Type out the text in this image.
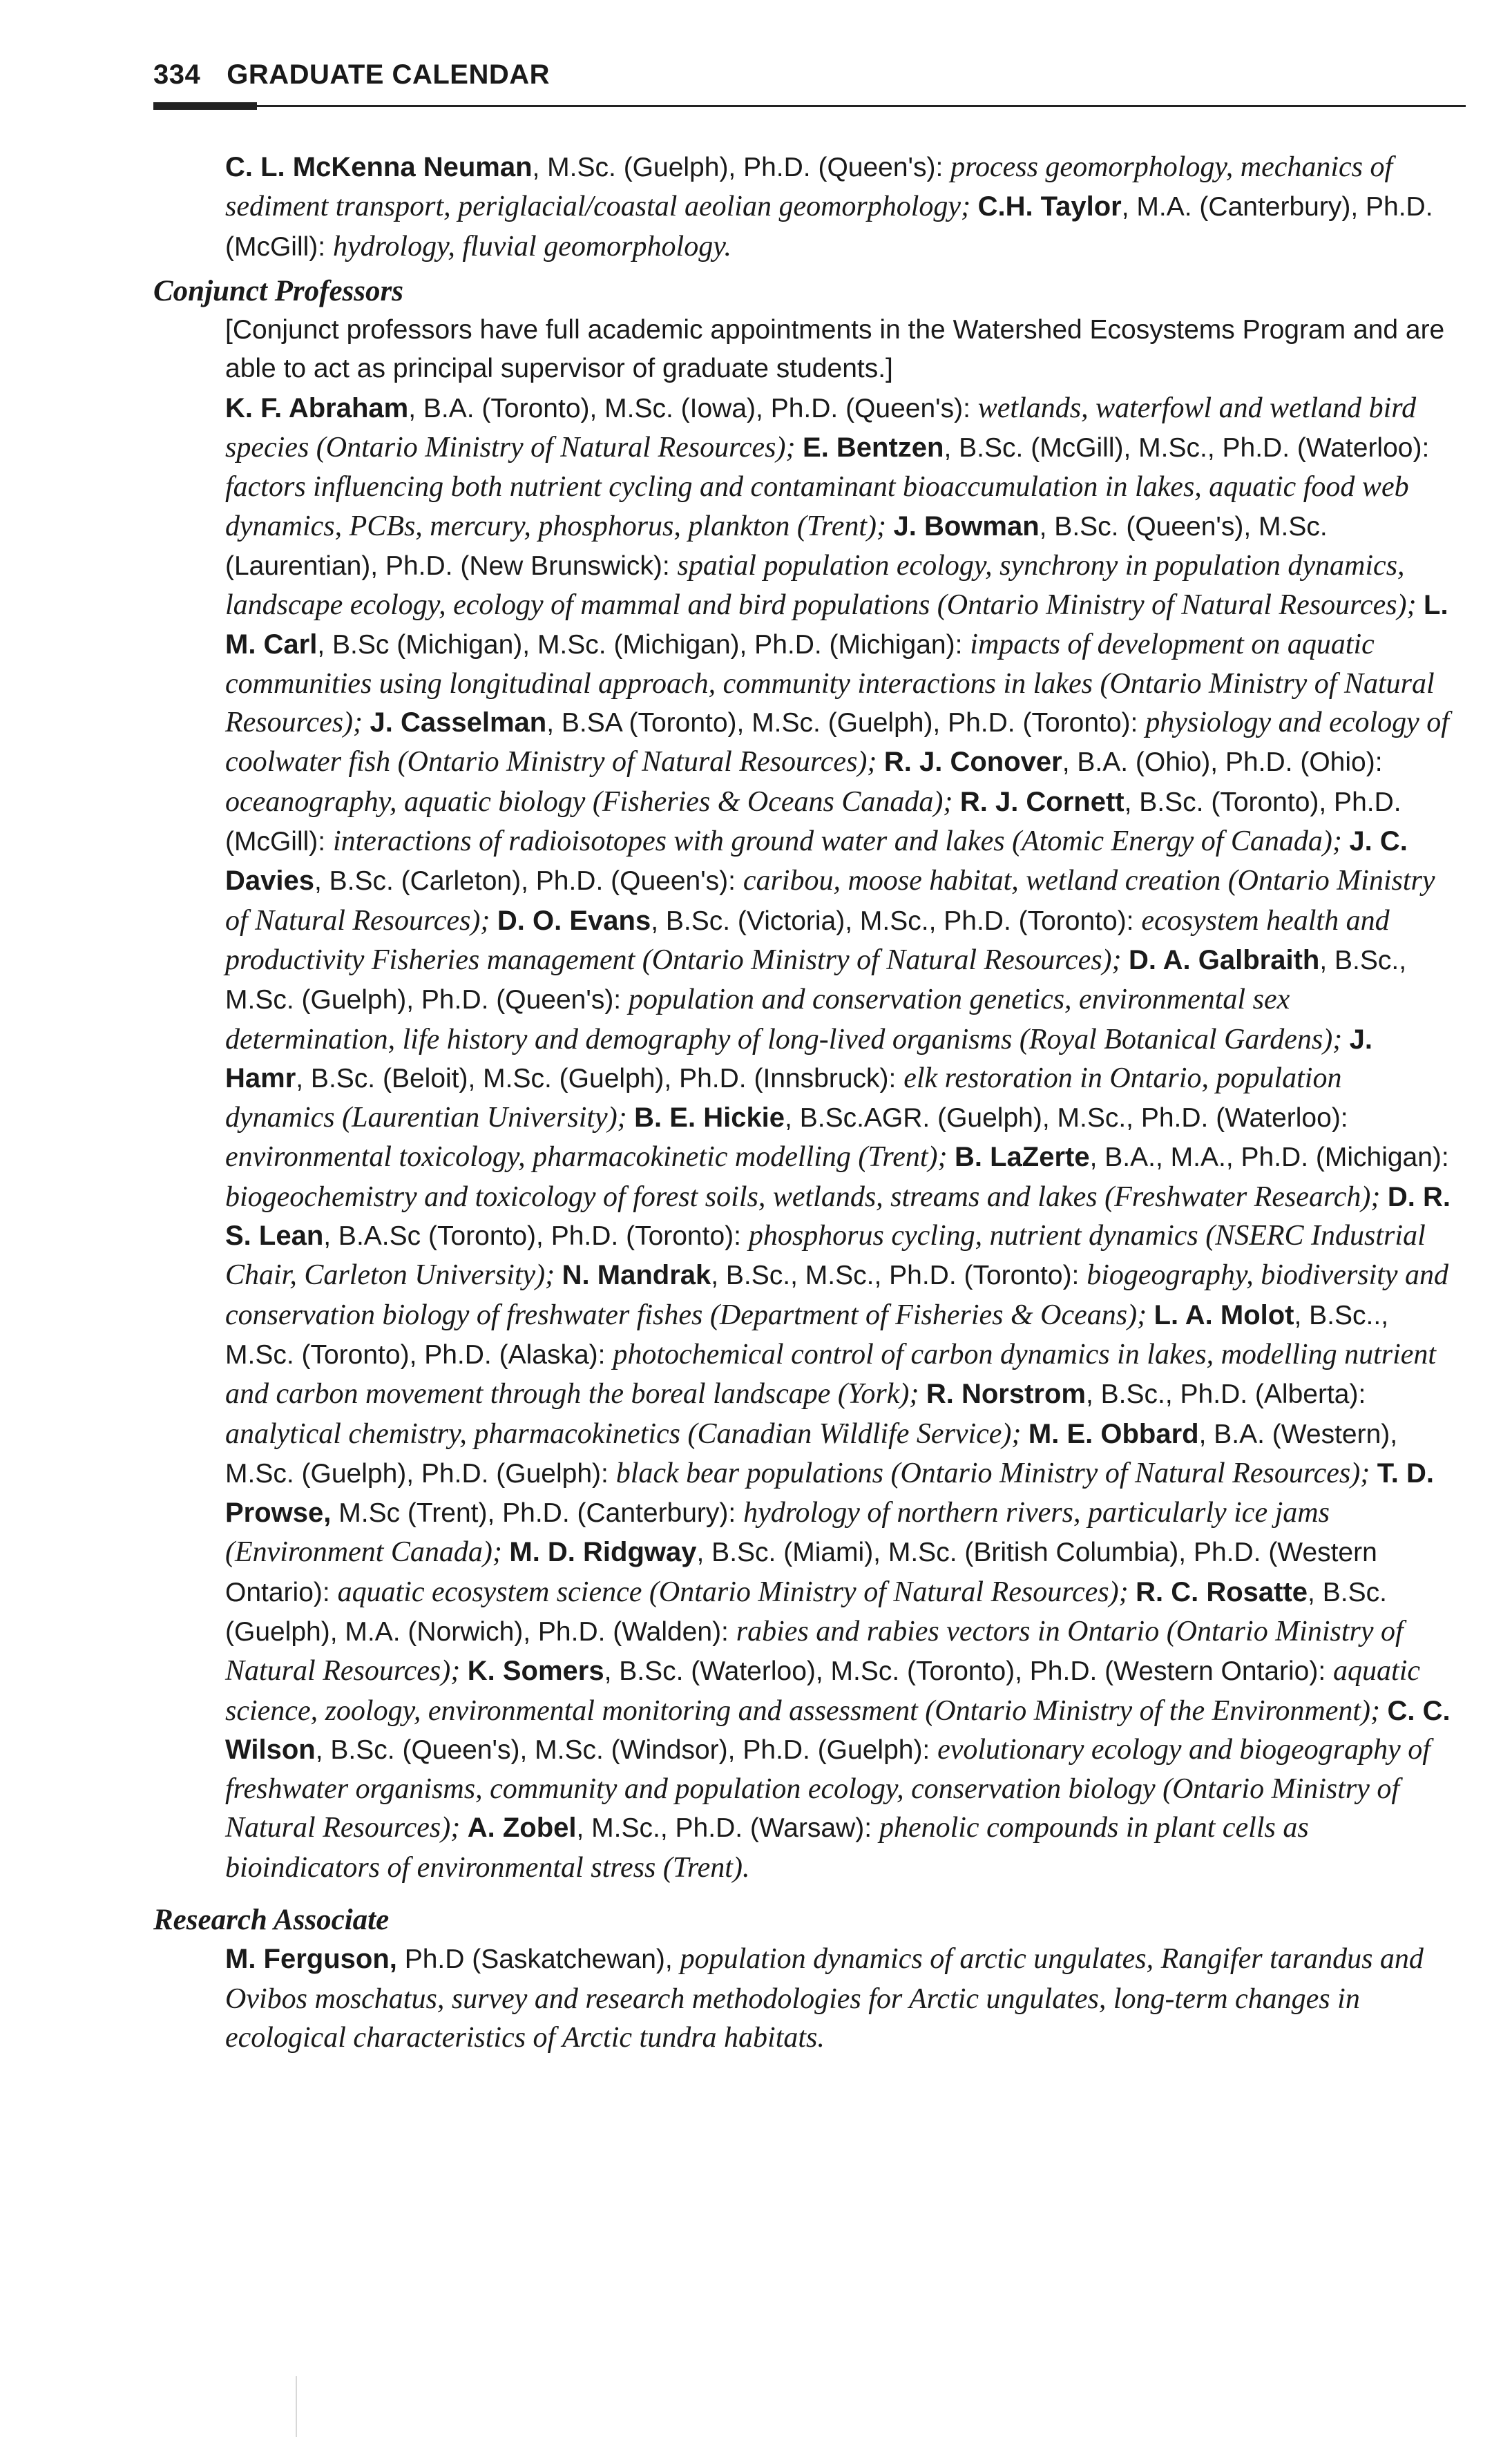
334 GRADUATE CALENDAR

C. L. McKenna Neuman, M.Sc. (Guelph), Ph.D. (Queen's): process geomorphology, mechanics of sediment transport, periglacial/coastal aeolian geomorphology; C.H. Taylor, M.A. (Canterbury), Ph.D. (McGill): hydrology, fluvial geomorphology.

Conjunct Professors

[Conjunct professors have full academic appointments in the Watershed Ecosystems Program and are able to act as principal supervisor of graduate students.]

K. F. Abraham, B.A. (Toronto), M.Sc. (Iowa), Ph.D. (Queen's): wetlands, waterfowl and wetland bird species (Ontario Ministry of Natural Resources); E. Bentzen, B.Sc. (McGill), M.Sc., Ph.D. (Waterloo): factors influencing both nutrient cycling and contaminant bioaccumulation in lakes, aquatic food web dynamics, PCBs, mercury, phosphorus, plankton (Trent); J. Bowman, B.Sc. (Queen's), M.Sc. (Laurentian), Ph.D. (New Brunswick): spatial population ecology, synchrony in population dynamics, landscape ecology, ecology of mammal and bird populations (Ontario Ministry of Natural Resources); L. M. Carl, B.Sc (Michigan), M.Sc. (Michigan), Ph.D. (Michigan): impacts of development on aquatic communities using longitudinal approach, community interactions in lakes (Ontario Ministry of Natural Resources); J. Casselman, B.SA (Toronto), M.Sc. (Guelph), Ph.D. (Toronto): physiology and ecology of coolwater fish (Ontario Ministry of Natural Resources); R. J. Conover, B.A. (Ohio), Ph.D. (Ohio): oceanography, aquatic biology (Fisheries & Oceans Canada); R. J. Cornett, B.Sc. (Toronto), Ph.D. (McGill): interactions of radioisotopes with ground water and lakes (Atomic Energy of Canada); J. C. Davies, B.Sc. (Carleton), Ph.D. (Queen's): caribou, moose habitat, wetland creation (Ontario Ministry of Natural Resources); D. O. Evans, B.Sc. (Victoria), M.Sc., Ph.D. (Toronto): ecosystem health and productivity Fisheries management (Ontario Ministry of Natural Resources); D. A. Galbraith, B.Sc., M.Sc. (Guelph), Ph.D. (Queen's): population and conservation genetics, environmental sex determination, life history and demography of long-lived organisms (Royal Botanical Gardens); J. Hamr, B.Sc. (Beloit), M.Sc. (Guelph), Ph.D. (Innsbruck): elk restoration in Ontario, population dynamics (Laurentian University); B. E. Hickie, B.Sc.AGR. (Guelph), M.Sc., Ph.D. (Waterloo): environmental toxicology, pharmacokinetic modelling (Trent); B. LaZerte, B.A., M.A., Ph.D. (Michigan): biogeochemistry and toxicology of forest soils, wetlands, streams and lakes (Freshwater Research); D. R. S. Lean, B.A.Sc (Toronto), Ph.D. (Toronto): phosphorus cycling, nutrient dynamics (NSERC Industrial Chair, Carleton University); N. Mandrak, B.Sc., M.Sc., Ph.D. (Toronto): biogeography, biodiversity and conservation biology of freshwater fishes (Department of Fisheries & Oceans); L. A. Molot, B.Sc.., M.Sc. (Toronto), Ph.D. (Alaska): photochemical control of carbon dynamics in lakes, modelling nutrient and carbon movement through the boreal landscape (York); R. Norstrom, B.Sc., Ph.D. (Alberta): analytical chemistry, pharmacokinetics (Canadian Wildlife Service); M. E. Obbard, B.A. (Western), M.Sc. (Guelph), Ph.D. (Guelph): black bear populations (Ontario Ministry of Natural Resources); T. D. Prowse, M.Sc (Trent), Ph.D. (Canterbury): hydrology of northern rivers, particularly ice jams (Environment Canada); M. D. Ridgway, B.Sc. (Miami), M.Sc. (British Columbia), Ph.D. (Western Ontario): aquatic ecosystem science (Ontario Ministry of Natural Resources); R. C. Rosatte, B.Sc. (Guelph), M.A. (Norwich), Ph.D. (Walden): rabies and rabies vectors in Ontario (Ontario Ministry of Natural Resources); K. Somers, B.Sc. (Waterloo), M.Sc. (Toronto), Ph.D. (Western Ontario): aquatic science, zoology, environmental monitoring and assessment (Ontario Ministry of the Environment); C. C. Wilson, B.Sc. (Queen's), M.Sc. (Windsor), Ph.D. (Guelph): evolutionary ecology and biogeography of freshwater organisms, community and population ecology, conservation biology (Ontario Ministry of Natural Resources); A. Zobel, M.Sc., Ph.D. (Warsaw): phenolic compounds in plant cells as bioindicators of environmental stress (Trent).

Research Associate

M. Ferguson, Ph.D (Saskatchewan), population dynamics of arctic ungulates, Rangifer tarandus and Ovibos moschatus, survey and research methodologies for Arctic ungulates, long-term changes in ecological characteristics of Arctic tundra habitats.
